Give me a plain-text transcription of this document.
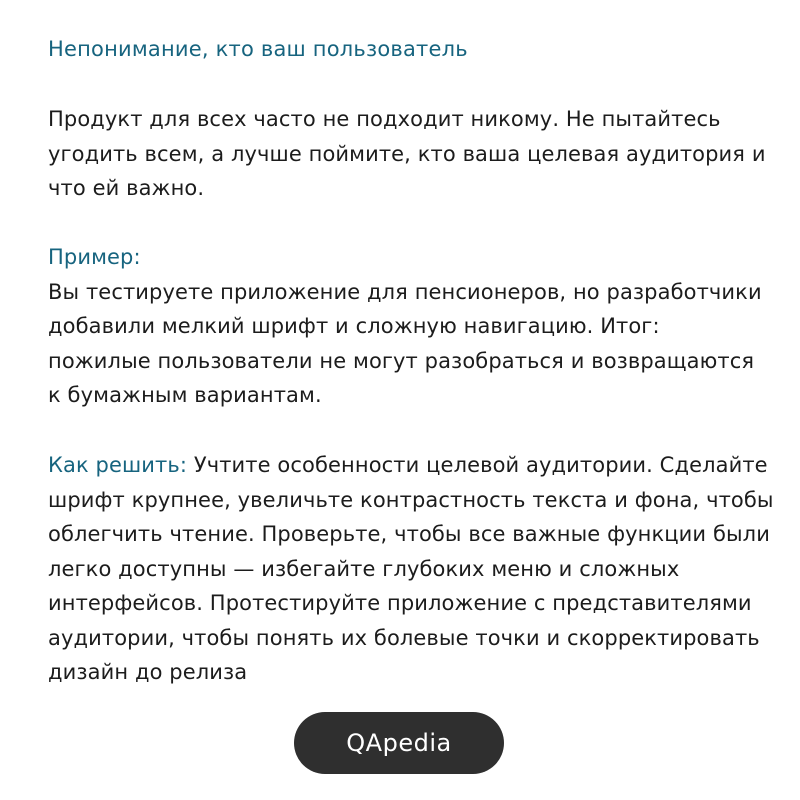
Непонимание, кто ваш пользователь
Продукт для всех часто не подходит никому. Не пытайтесь
угодить всем, а лучше поймите, кто ваша целевая аудитория и
что ей важно.
Пример:
Вы тестируете приложение для пенсионеров, но разработчики
добавили мелкий шрифт и сложную навигацию. Итог:
пожилые пользователи не могут разобраться и возвращаются
к бумажным вариантам.
Как решить: Учтите особенности целевой аудитории. Сделайте
шрифт крупнее, увеличьте контрастность текста и фона, чтобы
облегчить чтение. Проверьте, чтобы все важные функции были
легко доступны — избегайте глубоких меню и сложных
интерфейсов. Протестируйте приложение с представителями
аудитории, чтобы понять их болевые точки и скорректировать
дизайн до релиза
QApedia
